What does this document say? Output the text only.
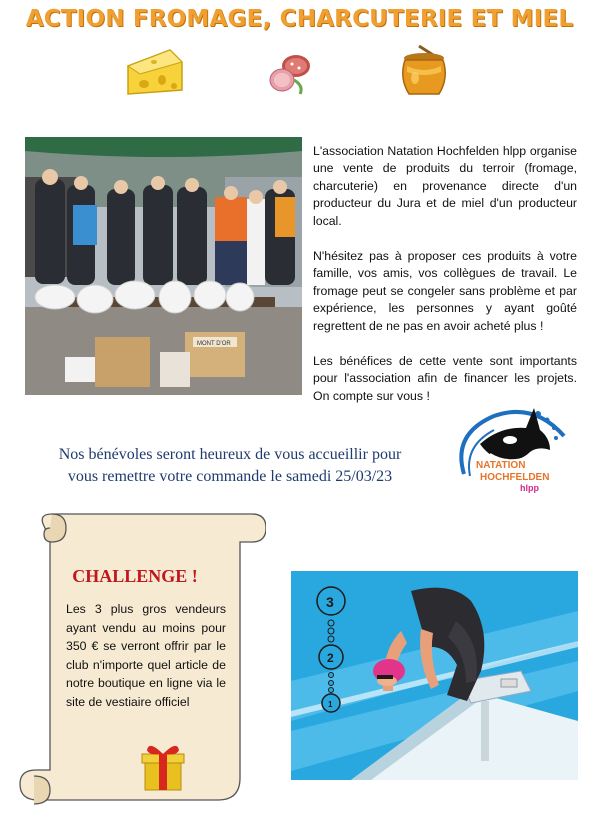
ACTION FROMAGE, CHARCUTERIE ET MIEL
MONT D'OR

L'association Natation Hochfelden hlpp organise une vente de produits du terroir (fromage, charcuterie) en provenance directe d'un producteur du Jura et de miel d'un producteur local.

N'hésitez pas à proposer ces produits à votre famille, vos amis, vos collègues de travail. Le fromage peut se congeler sans problème et par expérience, les personnes y ayant goûté regrettent de ne pas en avoir acheté plus !

Les bénéfices de cette vente sont importants pour l'association afin de financer les projets. On compte sur vous !

Nos bénévoles seront heureux de vous accueillir pour
vous remettre votre commande le samedi 25/03/23
NATATION
HOCHFELDEN
hlpp
CHALLENGE !

Les 3 plus gros vendeurs ayant vendu au moins pour 350 € se verront offrir par le club n'importe quel article de notre boutique en ligne via le site de vestiaire officiel

3
2
1
